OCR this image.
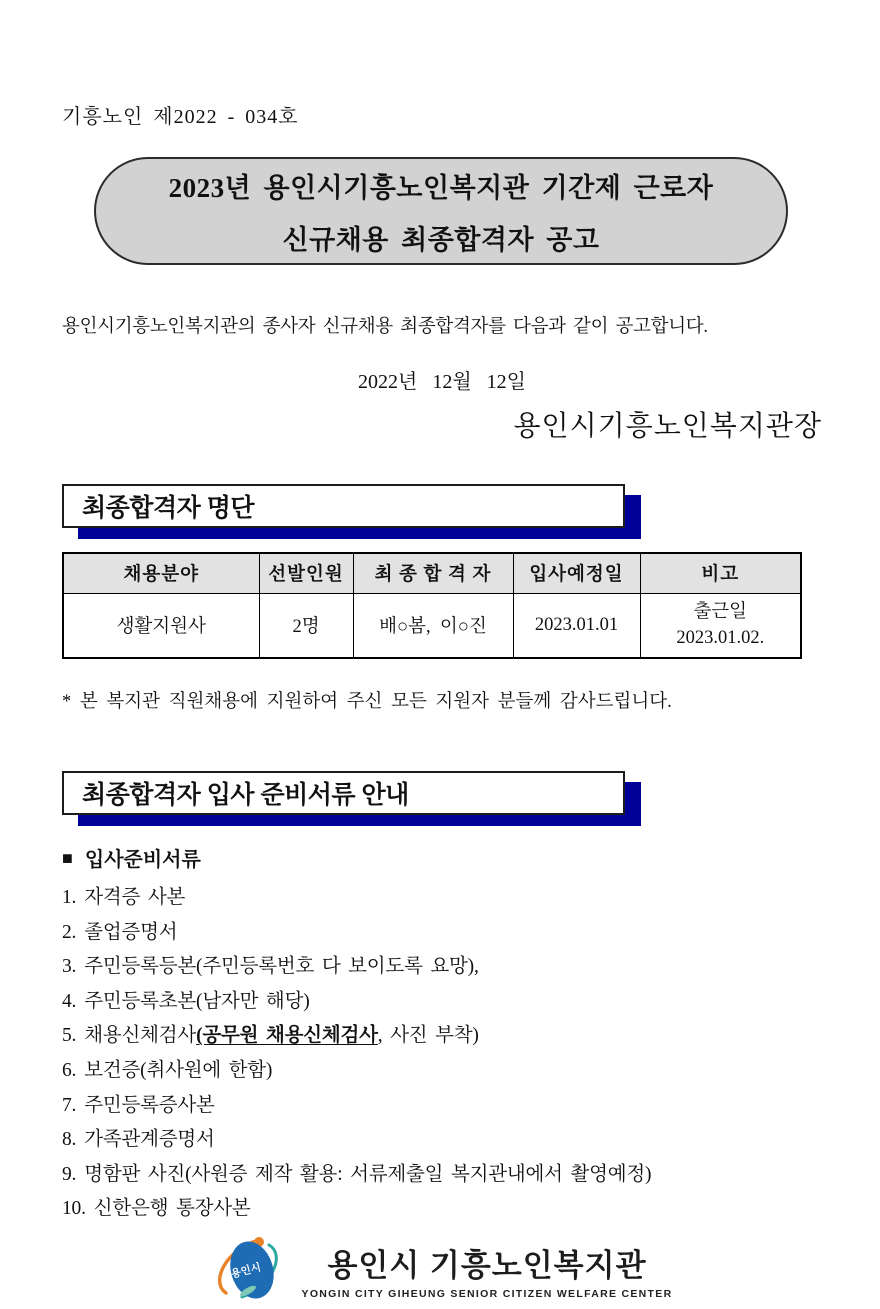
기흥노인 제2022 - 034호
2023년 용인시기흥노인복지관 기간제 근로자
신규채용 최종합격자 공고
용인시기흥노인복지관의 종사자 신규채용 최종합격자를 다음과 같이 공고합니다.
2022년 12월 12일
용인시기흥노인복지관장
최종합격자 명단
채용분야	선발인원	최 종 합 격 자	입사예정일	비고
생활지원사	2명	배○봄,  이○진	2023.01.01	출근일
2023.01.02.
* 본 복지관 직원채용에 지원하여 주신 모든 지원자 분들께 감사드립니다.
최종합격자 입사 준비서류 안내
■ 입사준비서류
1. 자격증 사본
2. 졸업증명서
3. 주민등록등본(주민등록번호 다 보이도록 요망),
4. 주민등록초본(남자만 해당)
5. 채용신체검사(공무원 채용신체검사, 사진 부착)
6. 보건증(취사원에 한함)
7. 주민등록증사본
8. 가족관계증명서
9. 명함판 사진(사원증 제작 활용: 서류제출일 복지관내에서 촬영예정)
10. 신한은행 통장사본
용인시 용인시 기흥노인복지관
YONGIN CITY GIHEUNG SENIOR CITIZEN WELFARE CENTER
